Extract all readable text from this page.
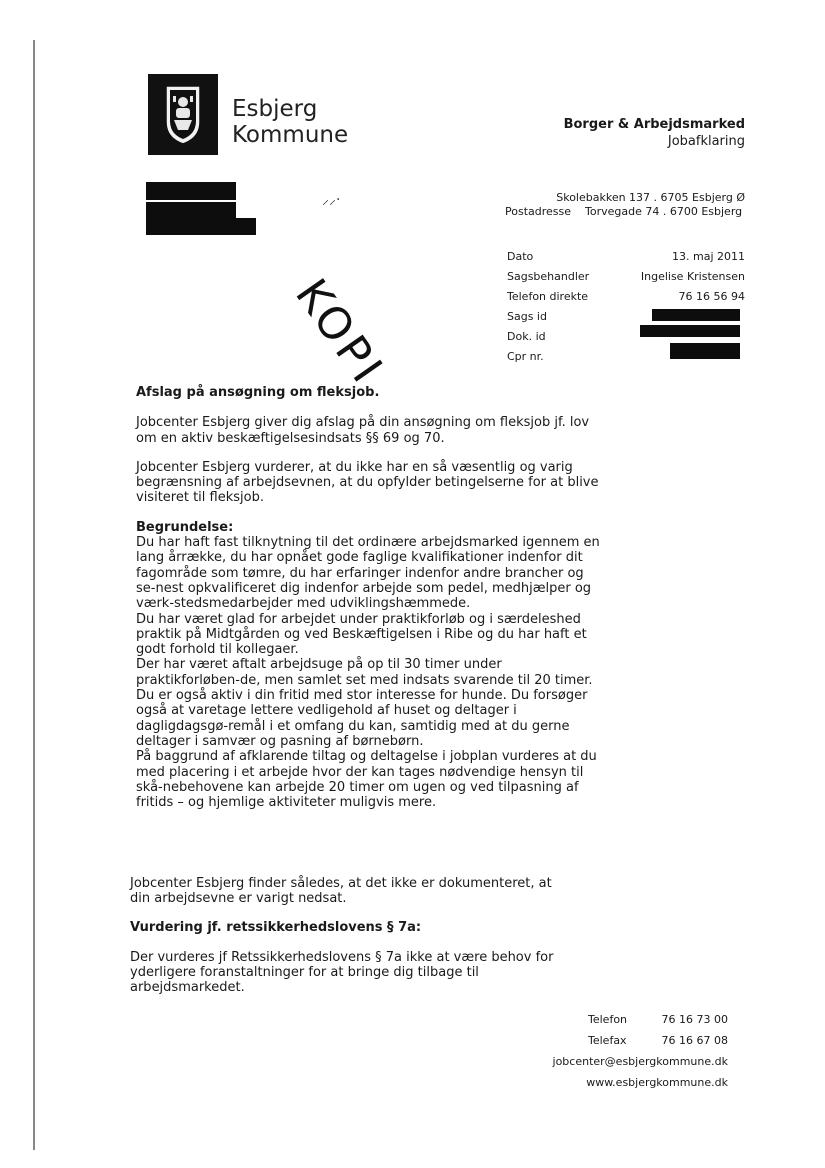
Esbjerg
Kommune	Borger & Arbejdsmarked
Jobafklaring
⸝⸝·	Skolebakken 137 . 6705 Esbjerg Ø
Postadresse	Torvegade 74 . 6700 Esbjerg
KOPI
Dato	13. maj 2011
Sagsbehandler	Ingelise Kristensen
Telefon direkte	76 16 56 94
Sags id
Dok. id
Cpr nr.

Afslag på ansøgning om fleksjob.

Jobcenter Esbjerg giver dig afslag på din ansøgning om fleksjob jf. lov om en aktiv beskæftigelsesindsats §§ 69 og 70.

Jobcenter Esbjerg vurderer, at du ikke har en så væsentlig og varig begrænsning af arbejdsevnen, at du opfylder betingelserne for at blive visiteret til fleksjob.

Begrundelse:

Du har haft fast tilknytning til det ordinære arbejdsmarked igennem en lang årrække, du har opnået gode faglige kvalifikationer indenfor dit fagområde som tømre, du har erfaringer indenfor andre brancher og se-nest opkvalificeret dig indenfor arbejde som pedel, medhjælper og værk-stedsmedarbejder med udviklingshæmmede.
Du har været glad for arbejdet under praktikforløb og i særdeleshed praktik på Midtgården og ved Beskæftigelsen i Ribe og du har haft et godt forhold til kollegaer.
Der har været aftalt arbejdsuge på op til 30 timer under praktikforløben-de, men samlet set med indsats svarende til 20 timer.
Du er også aktiv i din fritid med stor interesse for hunde. Du forsøger også at varetage lettere vedligehold af huset og deltager i dagligdagsgø-remål i et omfang du kan, samtidig med at du gerne deltager i samvær og pasning af børnebørn.
På baggrund af afklarende tiltag og deltagelse i jobplan vurderes at du med placering i et arbejde hvor der kan tages nødvendige hensyn til skå-nebehovene kan arbejde 20 timer om ugen og ved tilpasning af fritids – og hjemlige aktiviteter muligvis mere.

Jobcenter Esbjerg finder således, at det ikke er dokumenteret, at din arbejdsevne er varigt nedsat.

Vurdering jf. retssikkerhedslovens § 7a:

Der vurderes jf Retssikkerhedslovens § 7a ikke at være behov for yderligere foranstaltninger for at bringe dig tilbage til arbejdsmarkedet.

Telefon	76 16 73 00
Telefax	76 16 67 08
jobcenter@esbjergkommune.dk
www.esbjergkommune.dk
